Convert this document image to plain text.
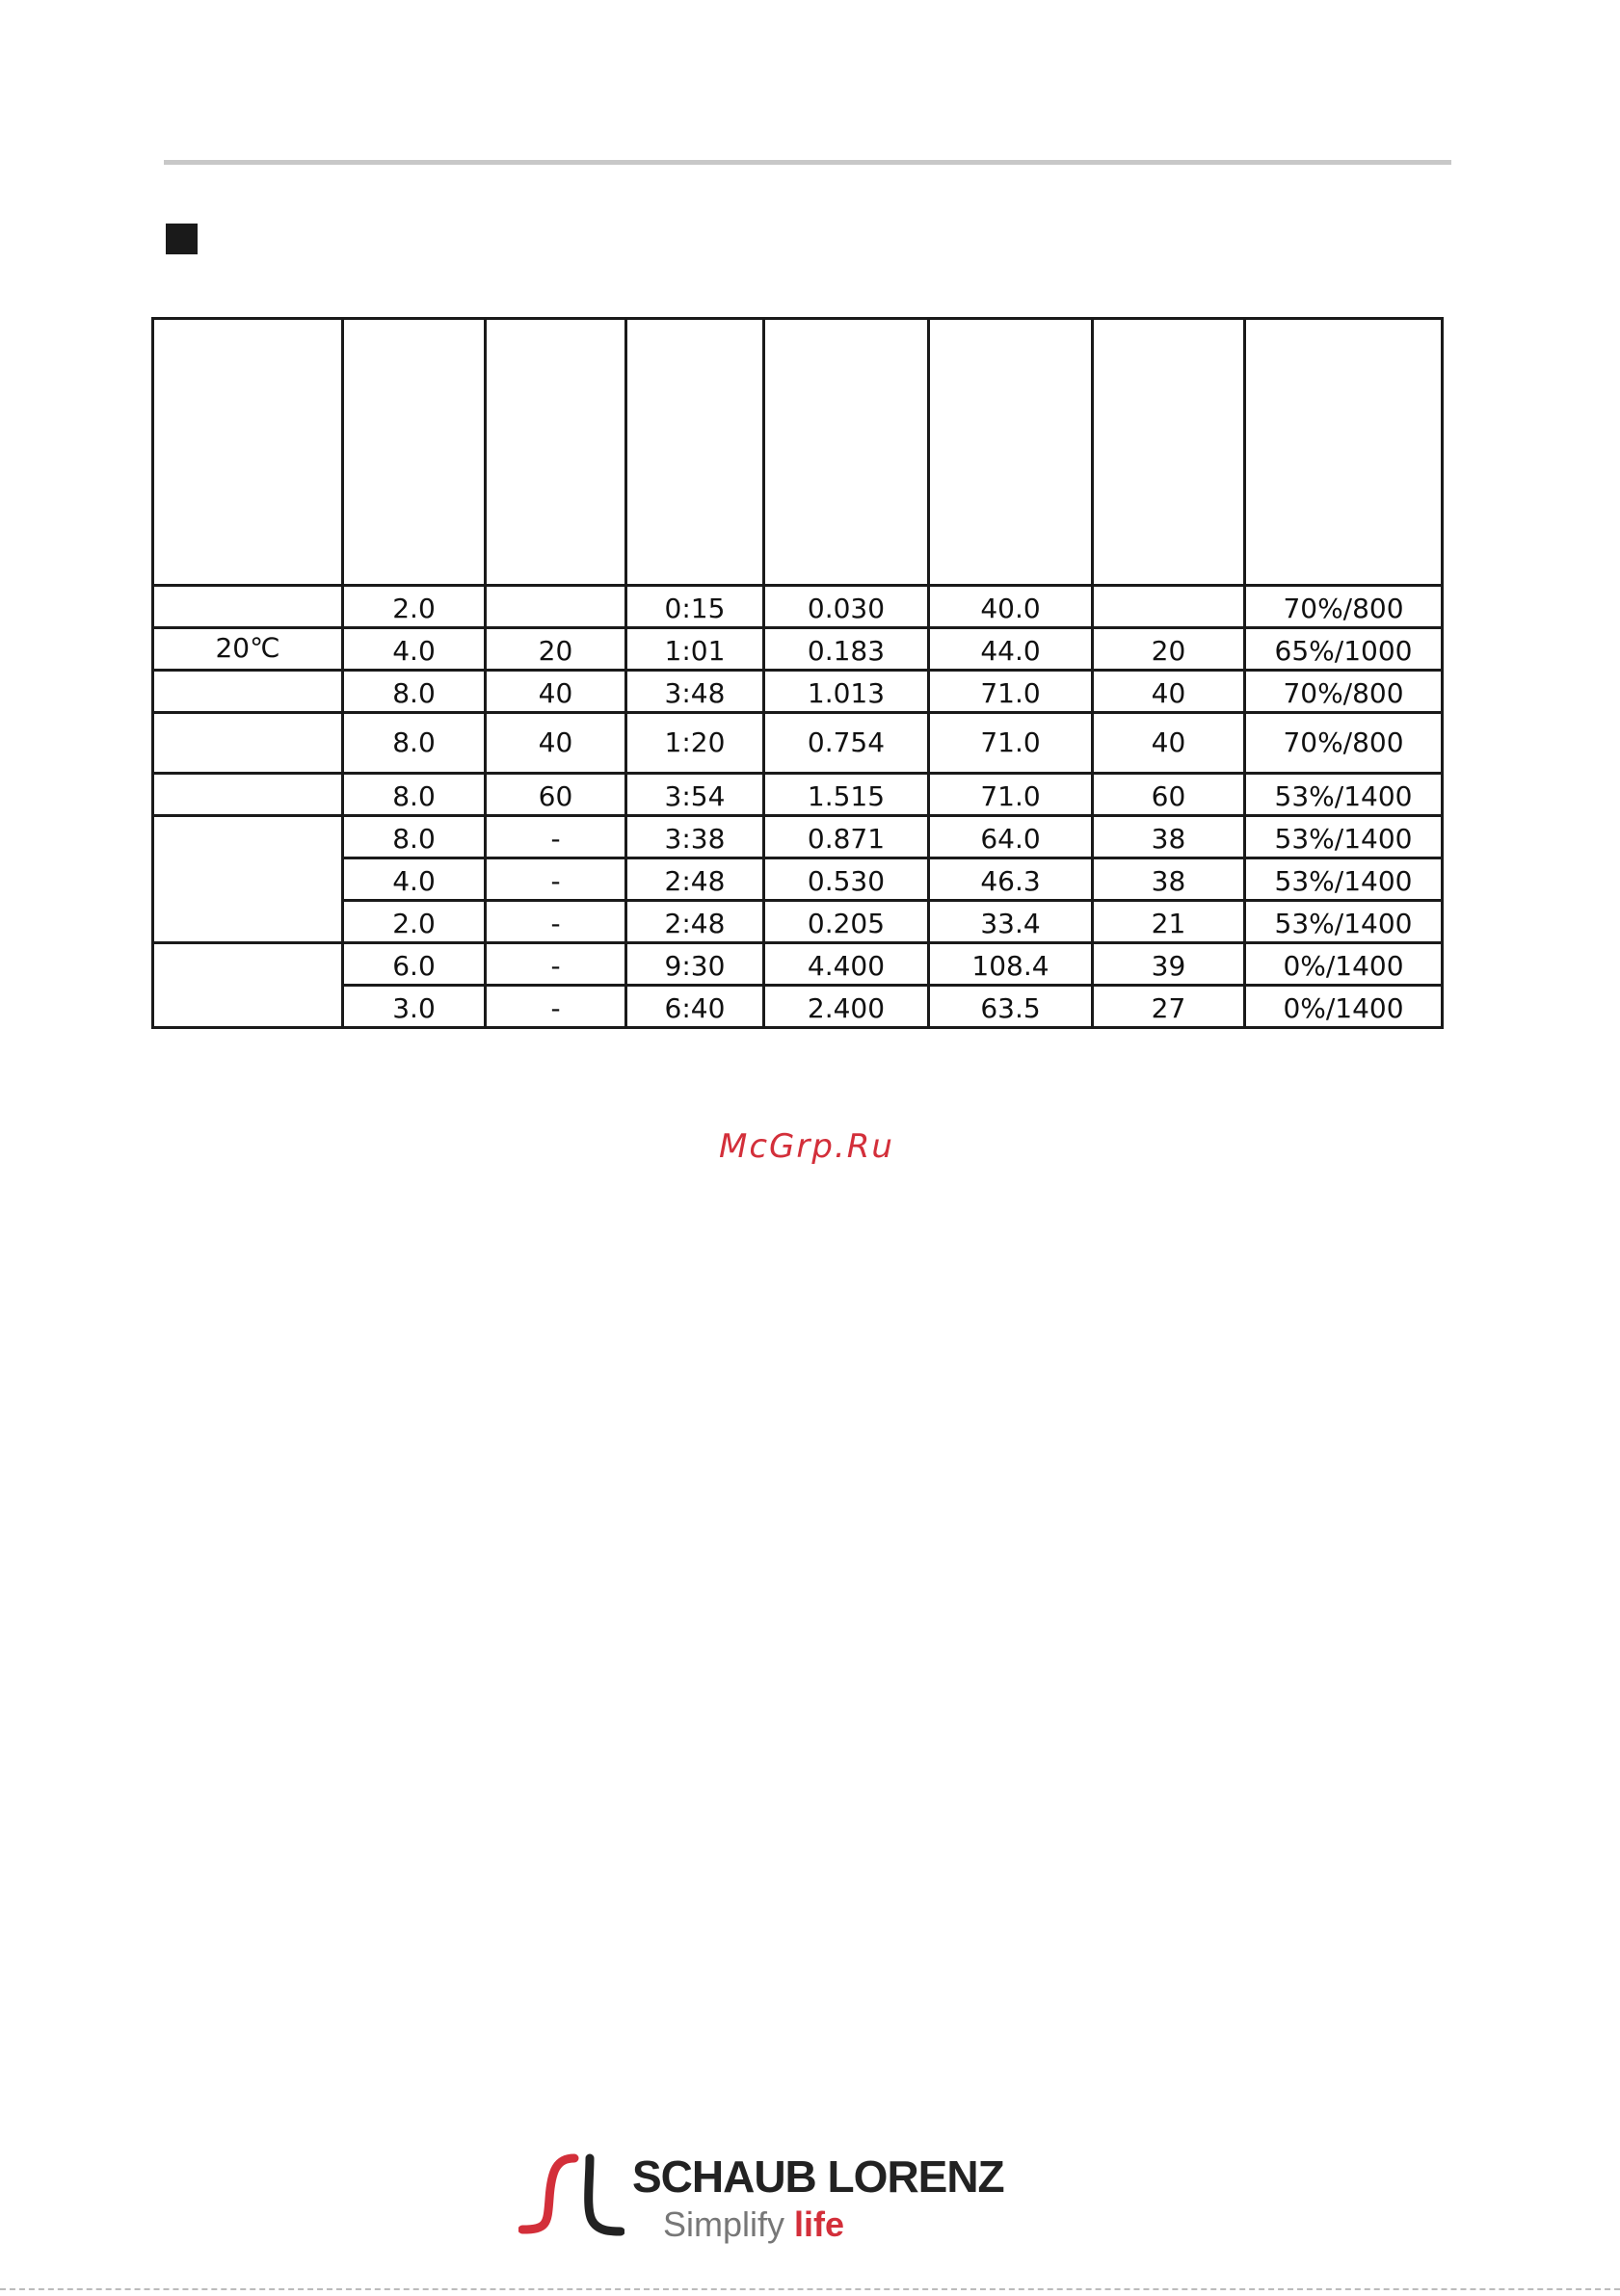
	2.0		0:15	0.030	40.0		70%/800
20℃	4.0	20	1:01	0.183	44.0	20	65%/1000
	8.0	40	3:48	1.013	71.0	40	70%/800
	8.0	40	1:20	0.754	71.0	40	70%/800
	8.0	60	3:54	1.515	71.0	60	53%/1400
	8.0	-	3:38	0.871	64.0	38	53%/1400
	4.0	-	2:48	0.530	46.3	38	53%/1400
	2.0	-	2:48	0.205	33.4	21	53%/1400
	6.0	-	9:30	4.400	108.4	39	0%/1400
	3.0	-	6:40	2.400	63.5	27	0%/1400
McGrp.Ru
SCHAUB LORENZ
Simplify life
